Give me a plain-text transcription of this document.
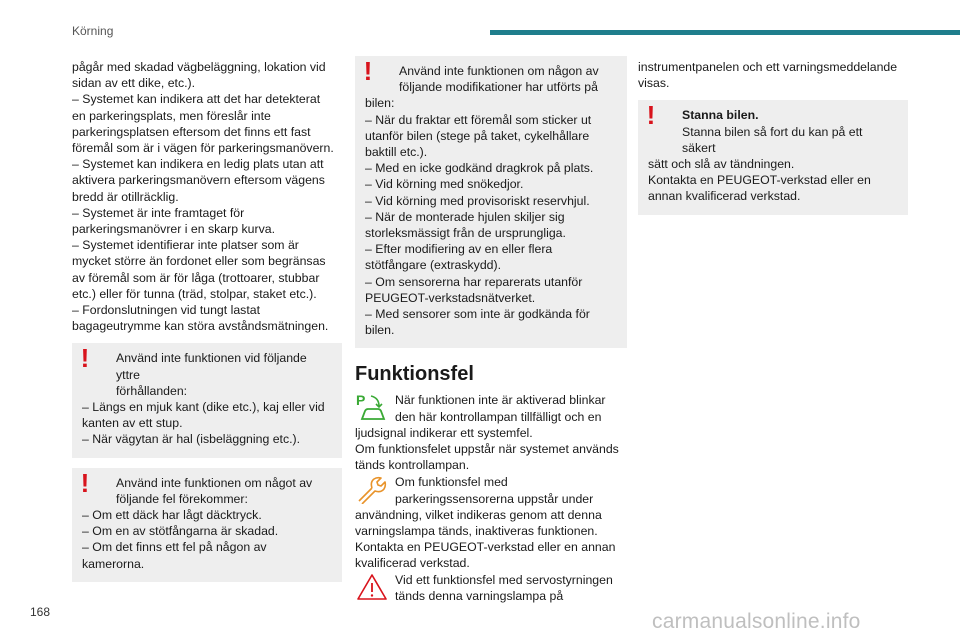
Körning

pågår med skadad vägbeläggning, lokation vid

sidan av ett dike, etc.).

– Systemet kan indikera att det har detekterat

en parkeringsplats, men föreslår inte

parkeringsplatsen eftersom det finns ett fast

föremål som är i vägen för parkeringsmanövern.

– Systemet kan indikera en ledig plats utan att

aktivera parkeringsmanövern eftersom vägens

bredd är otillräcklig.

– Systemet är inte framtaget för

parkeringsmanövrer i en skarp kurva.

– Systemet identifierar inte platser som är

mycket större än fordonet eller som begränsas

av föremål som är för låga (trottoarer, stubbar

etc.) eller för tunna (träd, stolpar, staket etc.).

– Fordonslutningen vid tungt lastat

bagageutrymme kan störa avståndsmätningen.

!	Använd inte funktionen vid följande yttre

förhållanden:

– Längs en mjuk kant (dike etc.), kaj eller vid

kanten av ett stup.

– När vägytan är hal (isbeläggning etc.).

!	Använd inte funktionen om något av

följande fel förekommer:

– Om ett däck har lågt däcktryck.

– Om en av stötfångarna är skadad.

– Om det finns ett fel på någon av

kamerorna.

!	Använd inte funktionen om någon av

följande modifikationer har utförts på

bilen:

– När du fraktar ett föremål som sticker ut

utanför bilen (stege på taket, cykelhållare

baktill etc.).

– Med en icke godkänd dragkrok på plats.

– Vid körning med snökedjor.

– Vid körning med provisoriskt reservhjul.

– När de monterade hjulen skiljer sig

storleksmässigt från de ursprungliga.

– Efter modifiering av en eller flera

stötfångare (extraskydd).

– Om sensorerna har reparerats utanför

PEUGEOT-verkstadsnätverket.

– Med sensorer som inte är godkända för

bilen.

Funktionsfel
P	När funktionen inte är aktiverad blinkar

den här kontrollampan tillfälligt och en

ljudsignal indikerar ett systemfel.

Om funktionsfelet uppstår när systemet används

tänds kontrollampan.

Om funktionsfel med

parkeringssensorerna uppstår under

användning, vilket indikeras genom att denna

varningslampa tänds, inaktiveras funktionen.

Kontakta en PEUGEOT-verkstad eller en annan

kvalificerad verkstad.

Vid ett funktionsfel med servostyrningen

tänds denna varningslampa på

instrumentpanelen och ett varningsmeddelande

visas.

!	Stanna bilen.

Stanna bilen så fort du kan på ett säkert

sätt och slå av tändningen.

Kontakta en PEUGEOT-verkstad eller en

annan kvalificerad verkstad.

168	carmanualsonline.info
